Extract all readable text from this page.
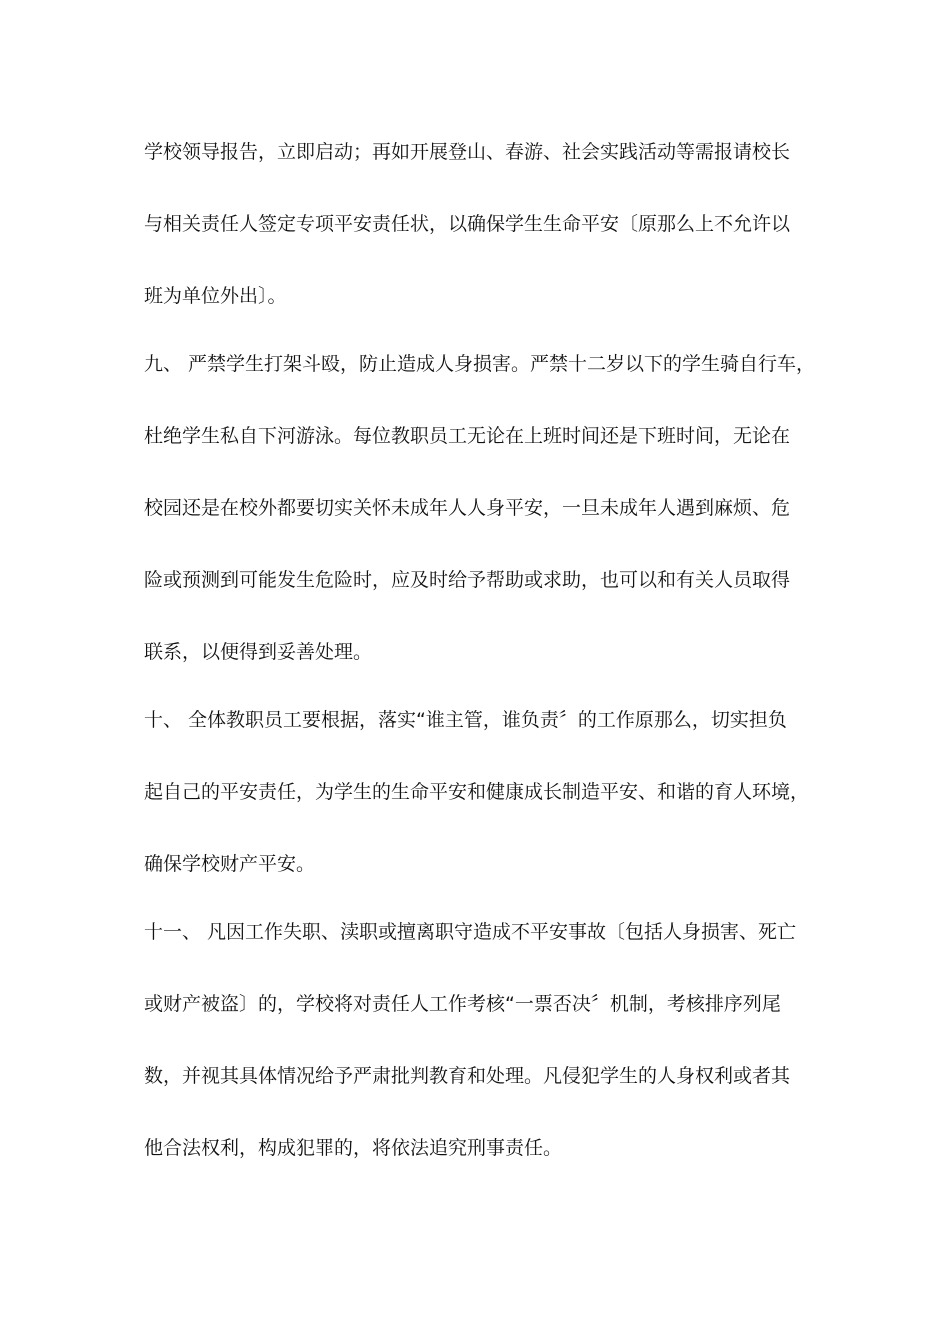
学校领导报告，立即启动；再如开展登山、春游、社会实践活动等需报请校长
与相关责任人签定专项平安责任状，以确保学生生命平安〔原那么上不允许以
班为单位外出〕。
九、 严禁学生打架斗殴，防止造成人身损害。严禁十二岁以下的学生骑自行车，
杜绝学生私自下河游泳。每位教职员工无论在上班时间还是下班时间，无论在
校园还是在校外都要切实关怀未成年人人身平安，一旦未成年人遇到麻烦、危
险或预测到可能发生危险时，应及时给予帮助或求助，也可以和有关人员取得
联系，以便得到妥善处理。
十、 全体教职员工要根据，落实“谁主管，谁负责〞的工作原那么，切实担负
起自己的平安责任，为学生的生命平安和健康成长制造平安、和谐的育人环境，
确保学校财产平安。
十一、 凡因工作失职、渎职或擅离职守造成不平安事故〔包括人身损害、死亡
或财产被盗〕的，学校将对责任人工作考核“一票否决〞机制，考核排序列尾
数，并视其具体情况给予严肃批判教育和处理。凡侵犯学生的人身权利或者其
他合法权利，构成犯罪的，将依法追究刑事责任。
